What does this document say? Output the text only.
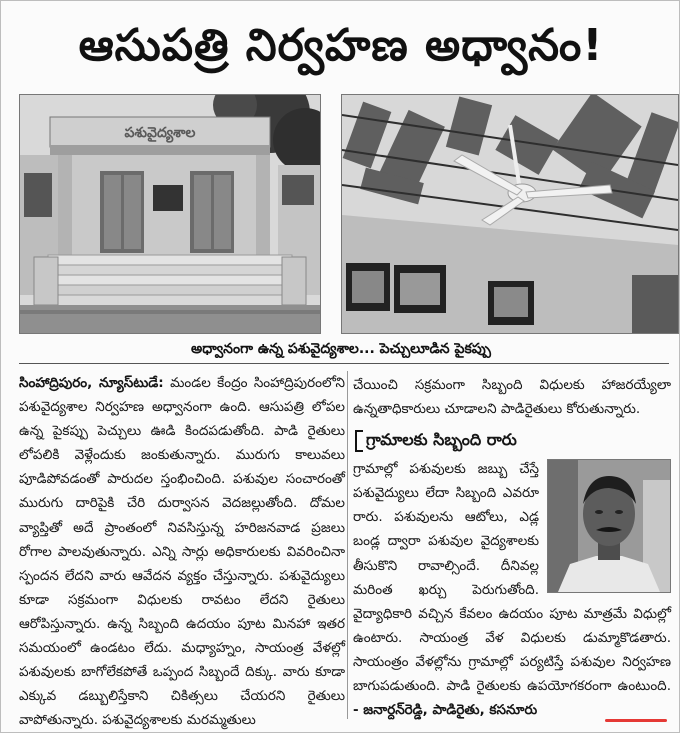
ఆసుపత్రి నిర్వహణ అధ్వానం!
పశువైద్యశాల
అధ్వానంగా ఉన్న పశువైద్యశాల... పెచ్చులూడిన పైకప్పు
సింహాద్రిపురం, న్యూస్‌టుడే: మండల కేంద్రం సింహాద్రిపురంలోని పశువైద్యశాల నిర్వహణ అధ్వానంగా ఉంది. ఆసుపత్రి లోపల ఉన్న పైకప్పు పెచ్చులు ఊడి కిందపడుతోంది. పాడి రైతులు లోపలికి వెళ్లేందుకు జంకుతున్నారు. మురుగు కాలువలు పూడిపోవడంతో పారుదల స్తంభించింది. పశువుల సంచారంతో మురుగు దారిపైకి చేరి దుర్వాసన వెదజల్లుతోంది. దోమల వ్యాప్తితో అదే ప్రాంతంలో నివసిస్తున్న హరిజనవాడ ప్రజలు రోగాల పాలవుతున్నారు. ఎన్ని సార్లు అధికారులకు వివరించినా స్పందన లేదని వారు ఆవేదన వ్యక్తం చేస్తున్నారు. పశువైద్యులు కూడా సక్రమంగా విధులకు రావటం లేదని రైతులు ఆరోపిస్తున్నారు. ఉన్న సిబ్బంది ఉదయం పూట మినహా ఇతర సమయంలో ఉండటం లేదు. మధ్యాహ్నం, సాయంత్ర వేళల్లో పశువులకు బాగోలేకపోతే ఒప్పంద సిబ్బందే దిక్కు. వారు కూడా ఎక్కువ డబ్బులిస్తేకాని చికిత్సలు చేయరని రైతులు వాపోతున్నారు. పశువైద్యశాలకు మరమ్మతులు
చేయించి సక్రమంగా సిబ్బంది విధులకు హాజరయ్యేలా ఉన్నతాధికారులు చూడాలని పాడిరైతులు కోరుతున్నారు.
గ్రామాలకు సిబ్బంది రారు
గ్రామాల్లో పశువులకు జబ్బు చేస్తే పశువైద్యులు లేదా సిబ్బంది ఎవరూ రారు. పశువులను ఆటోలు, ఎడ్ల బండ్ల ద్వారా పశువుల వైద్యశాలకు తీసుకొని రావాల్సిందే. దీనివల్ల మరింత ఖర్చు పెరుగుతోంది. వైద్యాధికారి వచ్చిన కేవలం ఉదయం పూట మాత్రమే విధుల్లో ఉంటారు. సాయంత్ర వేళ విధులకు డుమ్మాకొడతారు. సాయంత్రం వేళల్లోను గ్రామాల్లో పర్యటిస్తే పశువుల నిర్వహణ బాగుపడుతుంది. పాడి రైతులకు ఉపయోగకరంగా ఉంటుంది. - జనార్దన్‌రెడ్డి, పాడిరైతు, కసనూరు
